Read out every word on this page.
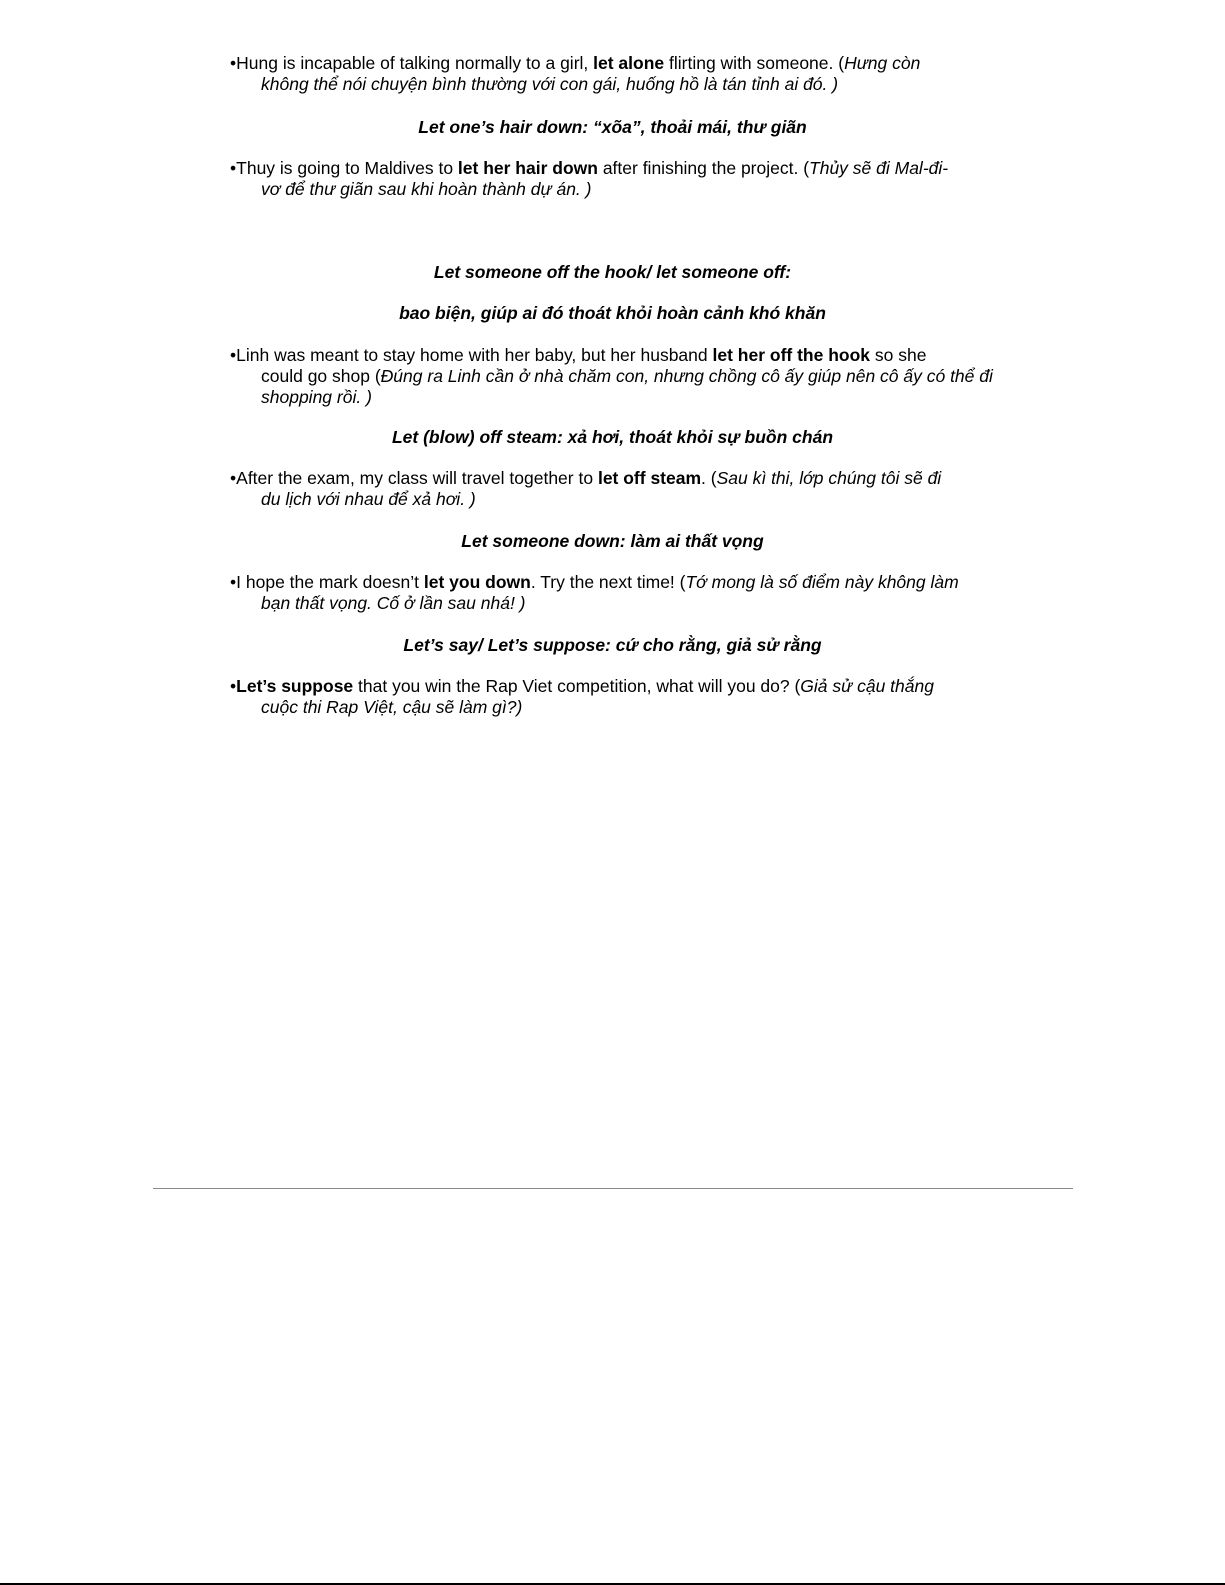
•Hung is incapable of talking normally to a girl, let alone flirting with someone. (Hưng còn
không thể nói chuyện bình thường với con gái, huống hồ là tán tỉnh ai đó. )
Let one’s hair down: “xõa”, thoải mái, thư giãn
•Thuy is going to Maldives to let her hair down after finishing the project. (Thủy sẽ đi Mal-đi-
vơ để thư giãn sau khi hoàn thành dự án. )
Let someone off the hook/ let someone off:
bao biện, giúp ai đó thoát khỏi hoàn cảnh khó khăn
•Linh was meant to stay home with her baby, but her husband let her off the hook so she
could go shop (Đúng ra Linh cần ở nhà chăm con, nhưng chồng cô ấy giúp nên cô ấy có thể đi
shopping rồi. )
Let (blow) off steam: xả hơi, thoát khỏi sự buồn chán
•After the exam, my class will travel together to let off steam. (Sau kì thi, lớp chúng tôi sẽ đi
du lịch với nhau để xả hơi. )
Let someone down: làm ai thất vọng
•I hope the mark doesn’t let you down. Try the next time! (Tớ mong là số điểm này không làm
bạn thất vọng. Cố ở lần sau nhá! )
Let’s say/ Let’s suppose: cứ cho rằng, giả sử rằng
•Let’s suppose that you win the Rap Viet competition, what will you do? (Giả sử cậu thắng
cuộc thi Rap Việt, cậu sẽ làm gì?)
